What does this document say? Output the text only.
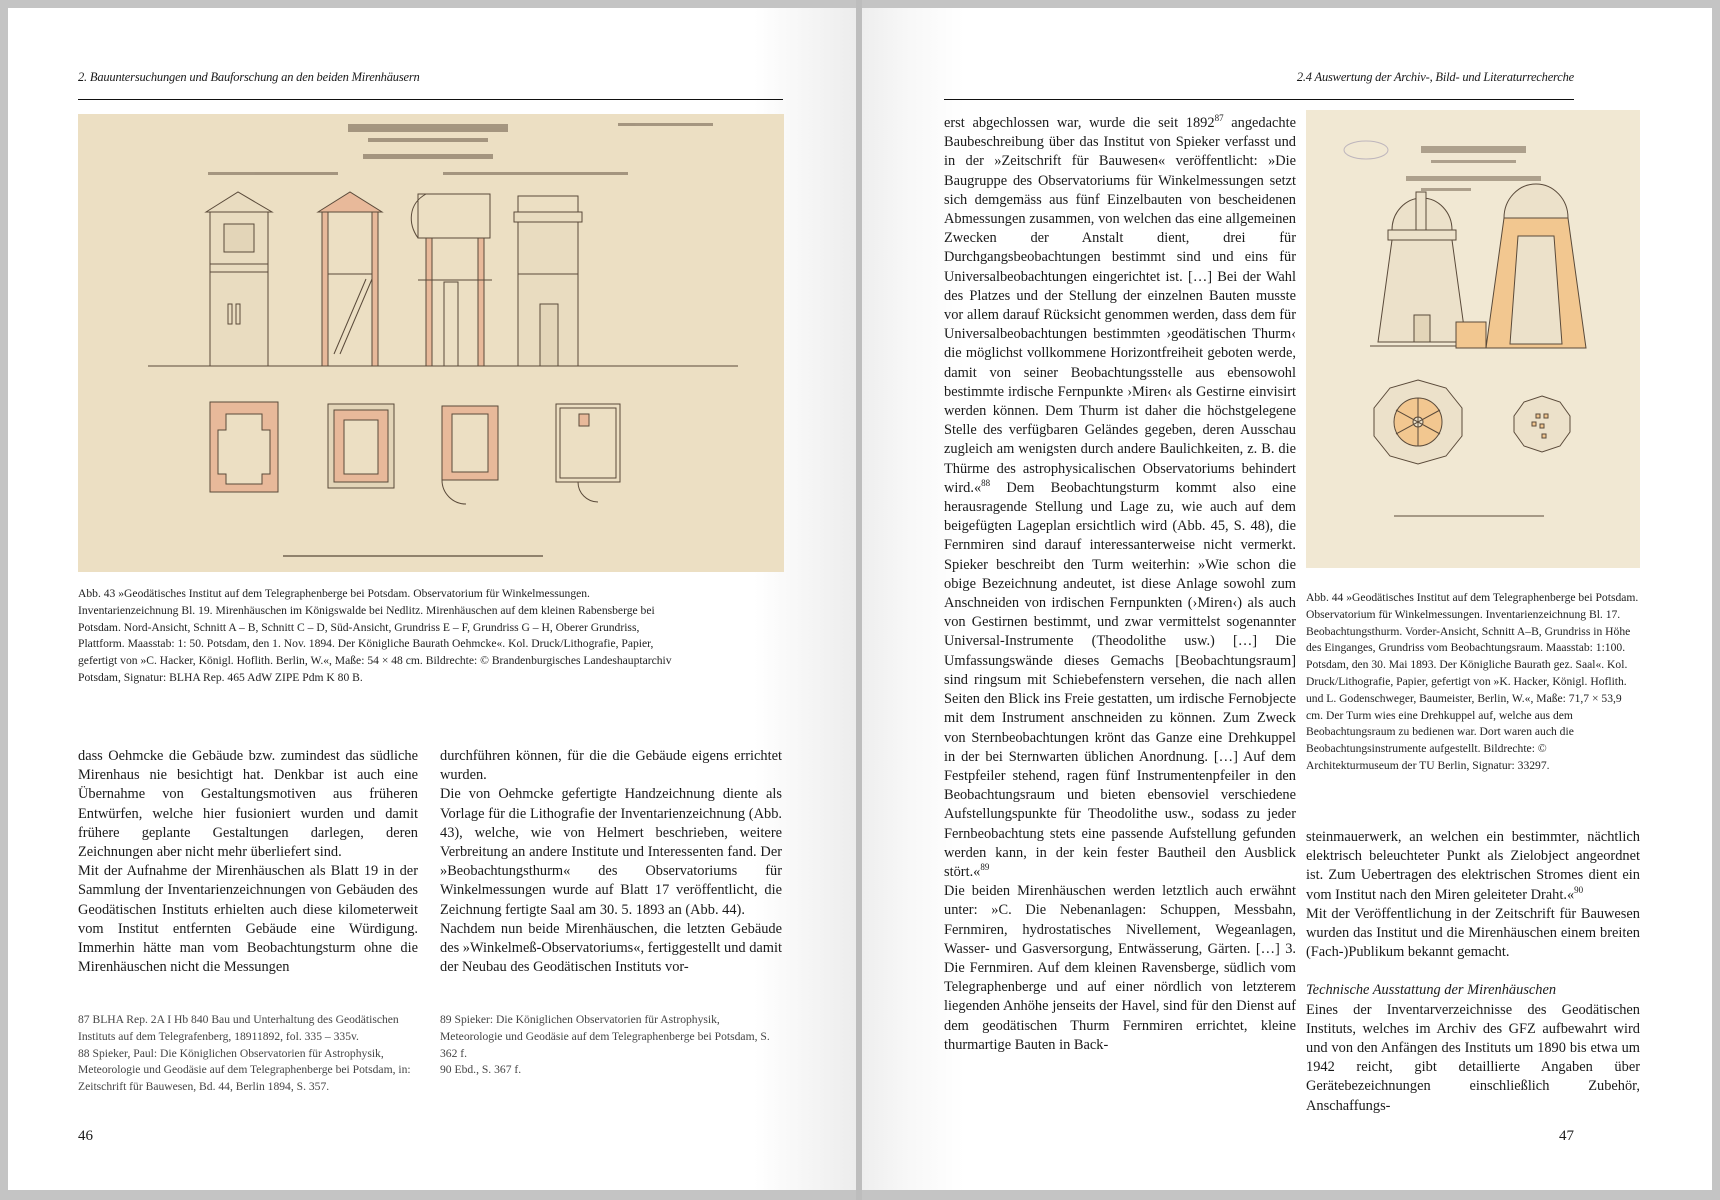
2. Bauuntersuchungen und Bauforschung an den beiden Mirenhäusern

Abb. 43 »Geodätisches Institut auf dem Telegraphenberge bei Potsdam. Observatorium für Winkelmessungen. Inventarienzeichnung Bl. 19. Mirenhäuschen im Königswalde bei Nedlitz. Mirenhäuschen auf dem kleinen Rabensberge bei Potsdam. Nord-Ansicht, Schnitt A – B, Schnitt C – D, Süd-Ansicht, Grundriss E – F, Grundriss G – H, Oberer Grundriss, Plattform. Maasstab: 1: 50. Potsdam, den 1. Nov. 1894. Der Königliche Baurath Oehmcke«. Kol. Druck/Lithografie, Papier, gefertigt von »C. Hacker, Königl. Hoflith. Berlin, W.«, Maße: 54 × 48 cm. Bildrechte: © Brandenburgisches Landeshauptarchiv Potsdam, Signatur: BLHA Rep. 465 AdW ZIPE Pdm K 80 B.

dass Oehmcke die Gebäude bzw. zumindest das südliche Mirenhaus nie besichtigt hat. Denkbar ist auch eine Übernahme von Gestaltungsmotiven aus früheren Entwürfen, welche hier fusioniert wurden und damit frühere geplante Gestaltungen darlegen, deren Zeichnungen aber nicht mehr überliefert sind.

Mit der Aufnahme der Mirenhäuschen als Blatt 19 in der Sammlung der Inventarienzeichnungen von Gebäuden des Geodätischen Instituts erhielten auch diese kilometerweit vom Institut entfernten Gebäude eine Würdigung. Immerhin hätte man vom Beobachtungsturm ohne die Mirenhäuschen nicht die Messungen

durchführen können, für die die Gebäude eigens errichtet wurden.

Die von Oehmcke gefertigte Handzeichnung diente als Vorlage für die Lithografie der Inventarienzeichnung (Abb. 43), welche, wie von Helmert beschrieben, weitere Verbreitung an andere Institute und Interessenten fand. Der »Beobachtungsthurm« des Observatoriums für Winkelmessungen wurde auf Blatt 17 veröffentlicht, die Zeichnung fertigte Saal am 30. 5. 1893 an (Abb. 44).

Nachdem nun beide Mirenhäuschen, die letzten Gebäude des »Winkelmeß-Observatoriums«, fertiggestellt und damit der Neubau des Geodätischen Instituts vor-

87 BLHA Rep. 2A I Hb 840 Bau und Unterhaltung des Geodätischen Instituts auf dem Telegrafenberg, 18911892, fol. 335 – 335v.

88 Spieker, Paul: Die Königlichen Observatorien für Astrophysik, Meteorologie und Geodäsie auf dem Telegraphenberge bei Potsdam, in: Zeitschrift für Bauwesen, Bd. 44, Berlin 1894, S. 357.

89 Spieker: Die Königlichen Observatorien für Astrophysik, Meteorologie und Geodäsie auf dem Telegraphenberge bei Potsdam, S. 362 f.

90 Ebd., S. 367 f.

46
2.4 Auswertung der Archiv-, Bild- und Literaturrecherche

erst abgechlossen war, wurde die seit 1892$^{87}$ angedachte Baubeschreibung über das Institut von Spieker verfasst und in der »Zeitschrift für Bauwesen« veröffentlicht: »Die Baugruppe des Observatoriums für Winkelmessungen setzt sich demgemäss aus fünf Einzelbauten von bescheidenen Abmessungen zusammen, von welchen das eine allgemeinen Zwecken der Anstalt dient, drei für Durchgangsbeobachtungen bestimmt sind und eins für Universalbeobachtungen eingerichtet ist. […] Bei der Wahl des Platzes und der Stellung der einzelnen Bauten musste vor allem darauf Rücksicht genommen werden, dass dem für Universalbeobachtungen bestimmten ›geodätischen Thurm‹ die möglichst vollkommene Horizontfreiheit geboten werde, damit von seiner Beobachtungsstelle aus ebensowohl bestimmte irdische Fernpunkte ›Miren‹ als Gestirne einvisirt werden können. Dem Thurm ist daher die höchstgelegene Stelle des verfügbaren Geländes gegeben, deren Ausschau zugleich am wenigsten durch andere Baulichkeiten, z. B. die Thürme des astrophysicalischen Observatoriums behindert wird.«$^{88}$ Dem Beobachtungsturm kommt also eine herausragende Stellung und Lage zu, wie auch auf dem beigefügten Lageplan ersichtlich wird (Abb. 45, S. 48), die Fernmiren sind darauf interessanterweise nicht vermerkt. Spieker beschreibt den Turm weiterhin: »Wie schon die obige Bezeichnung andeutet, ist diese Anlage sowohl zum Anschneiden von irdischen Fernpunkten (›Miren‹) als auch von Gestirnen bestimmt, und zwar vermittelst sogenannter Universal-Instrumente (Theodolithe usw.) […] Die Umfassungswände dieses Gemachs [Beobachtungsraum] sind ringsum mit Schiebefenstern versehen, die nach allen Seiten den Blick ins Freie gestatten, um irdische Fernobjecte mit dem Instrument anschneiden zu können. Zum Zweck von Sternbeobachtungen krönt das Ganze eine Drehkuppel in der bei Sternwarten üblichen Anordnung. […] Auf dem Festpfeiler stehend, ragen fünf Instrumentenpfeiler in den Beobachtungsraum und bieten ebensoviel verschiedene Aufstellungspunkte für Theodolithe usw., sodass zu jeder Fernbeobachtung stets eine passende Aufstellung gefunden werden kann, in der kein fester Bautheil den Ausblick stört.«$^{89}$

Die beiden Mirenhäuschen werden letztlich auch erwähnt unter: »C. Die Nebenanlagen: Schuppen, Messbahn, Fernmiren, hydrostatisches Nivellement, Wegeanlagen, Wasser- und Gasversorgung, Entwässerung, Gärten. […] 3. Die Fernmiren. Auf dem kleinen Ravensberge, südlich vom Telegraphenberge und auf einer nördlich von letzterem liegenden Anhöhe jenseits der Havel, sind für den Dienst auf dem geodätischen Thurm Fernmiren errichtet, kleine thurmartige Bauten in Back-

Abb. 44 »Geodätisches Institut auf dem Telegraphenberge bei Potsdam. Observatorium für Winkelmessungen. Inventarienzeichnung Bl. 17. Beobachtungsthurm. Vorder-Ansicht, Schnitt A–B, Grundriss in Höhe des Einganges, Grundriss vom Beobachtungsraum. Maasstab: 1:100. Potsdam, den 30. Mai 1893. Der Königliche Baurath gez. Saal«. Kol. Druck/Lithografie, Papier, gefertigt von »K. Hacker, Königl. Hoflith. und L. Godenschweger, Baumeister, Berlin, W.«, Maße: 71,7 × 53,9 cm. Der Turm wies eine Drehkuppel auf, welche aus dem Beobachtungsraum zu bedienen war. Dort waren auch die Beobachtungsinstrumente aufgestellt. Bildrechte: © Architekturmuseum der TU Berlin, Signatur: 33297.

steinmauerwerk, an welchen ein bestimmter, nächtlich elektrisch beleuchteter Punkt als Zielobject angeordnet ist. Zum Uebertragen des elektrischen Stromes dient ein vom Institut nach den Miren geleiteter Draht.«$^{90}$

Mit der Veröffentlichung in der Zeitschrift für Bauwesen wurden das Institut und die Mirenhäuschen einem breiten (Fach-)Publikum bekannt gemacht.

Technische Ausstattung der Mirenhäuschen

Eines der Inventarverzeichnisse des Geodätischen Instituts, welches im Archiv des GFZ aufbewahrt wird und von den Anfängen des Instituts um 1890 bis etwa um 1942 reicht, gibt detaillierte Angaben über Gerätebezeichnungen einschließlich Zubehör, Anschaffungs-

47
